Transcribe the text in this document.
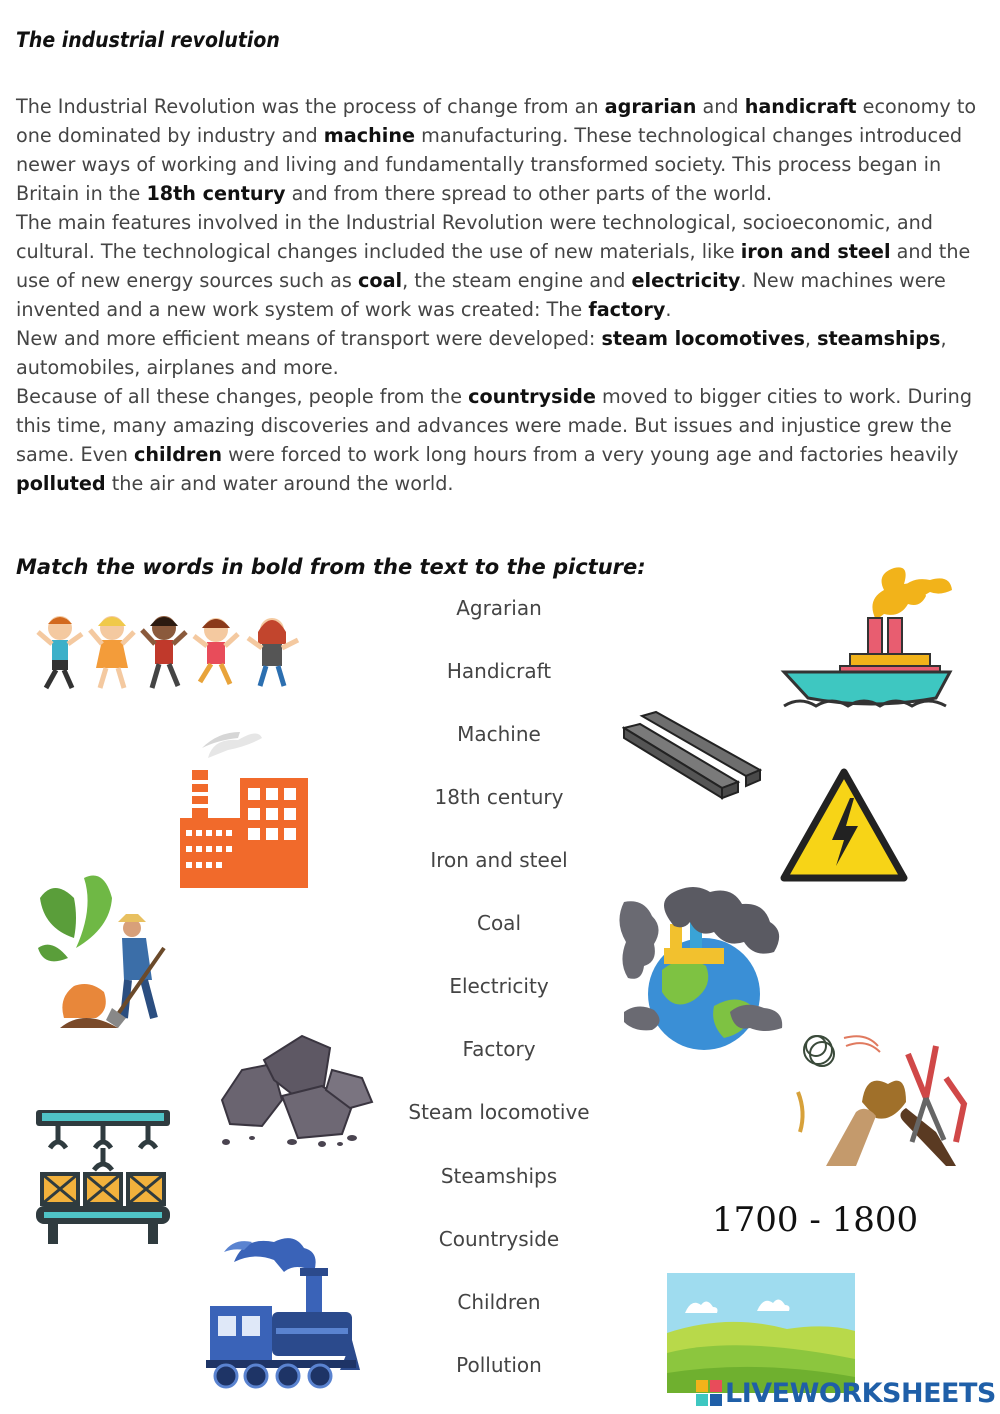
The industrial revolution

The Industrial Revolution was the process of change from an agrarian and handicraft economy to one dominated by industry and machine manufacturing. These technological changes introduced newer ways of working and living and fundamentally transformed society. This process began in Britain in the 18th century and from there spread to other parts of the world.

The main features involved in the Industrial Revolution were technological, socioeconomic, and cultural. The technological changes included the use of new materials, like iron and steel and the use of new energy sources such as coal, the steam engine and electricity. New machines were invented and a new work system of work was created: The factory.

New and more efficient means of transport were developed: steam locomotives, steamships, automobiles, airplanes and more.

Because of all these changes, people from the countryside moved to bigger cities to work. During this time, many amazing discoveries and advances were made. But issues and injustice grew the same. Even children were forced to work long hours from a very young age and factories heavily polluted the air and water around the world.

Match the words in bold from the text to the picture:
Agrarian
Handicraft
Machine
18th century
Iron and steel
Coal
Electricity
Factory
Steam locomotive
Steamships
Countryside
Children
Pollution
1700 - 1800
LIVEWORKSHEETS
